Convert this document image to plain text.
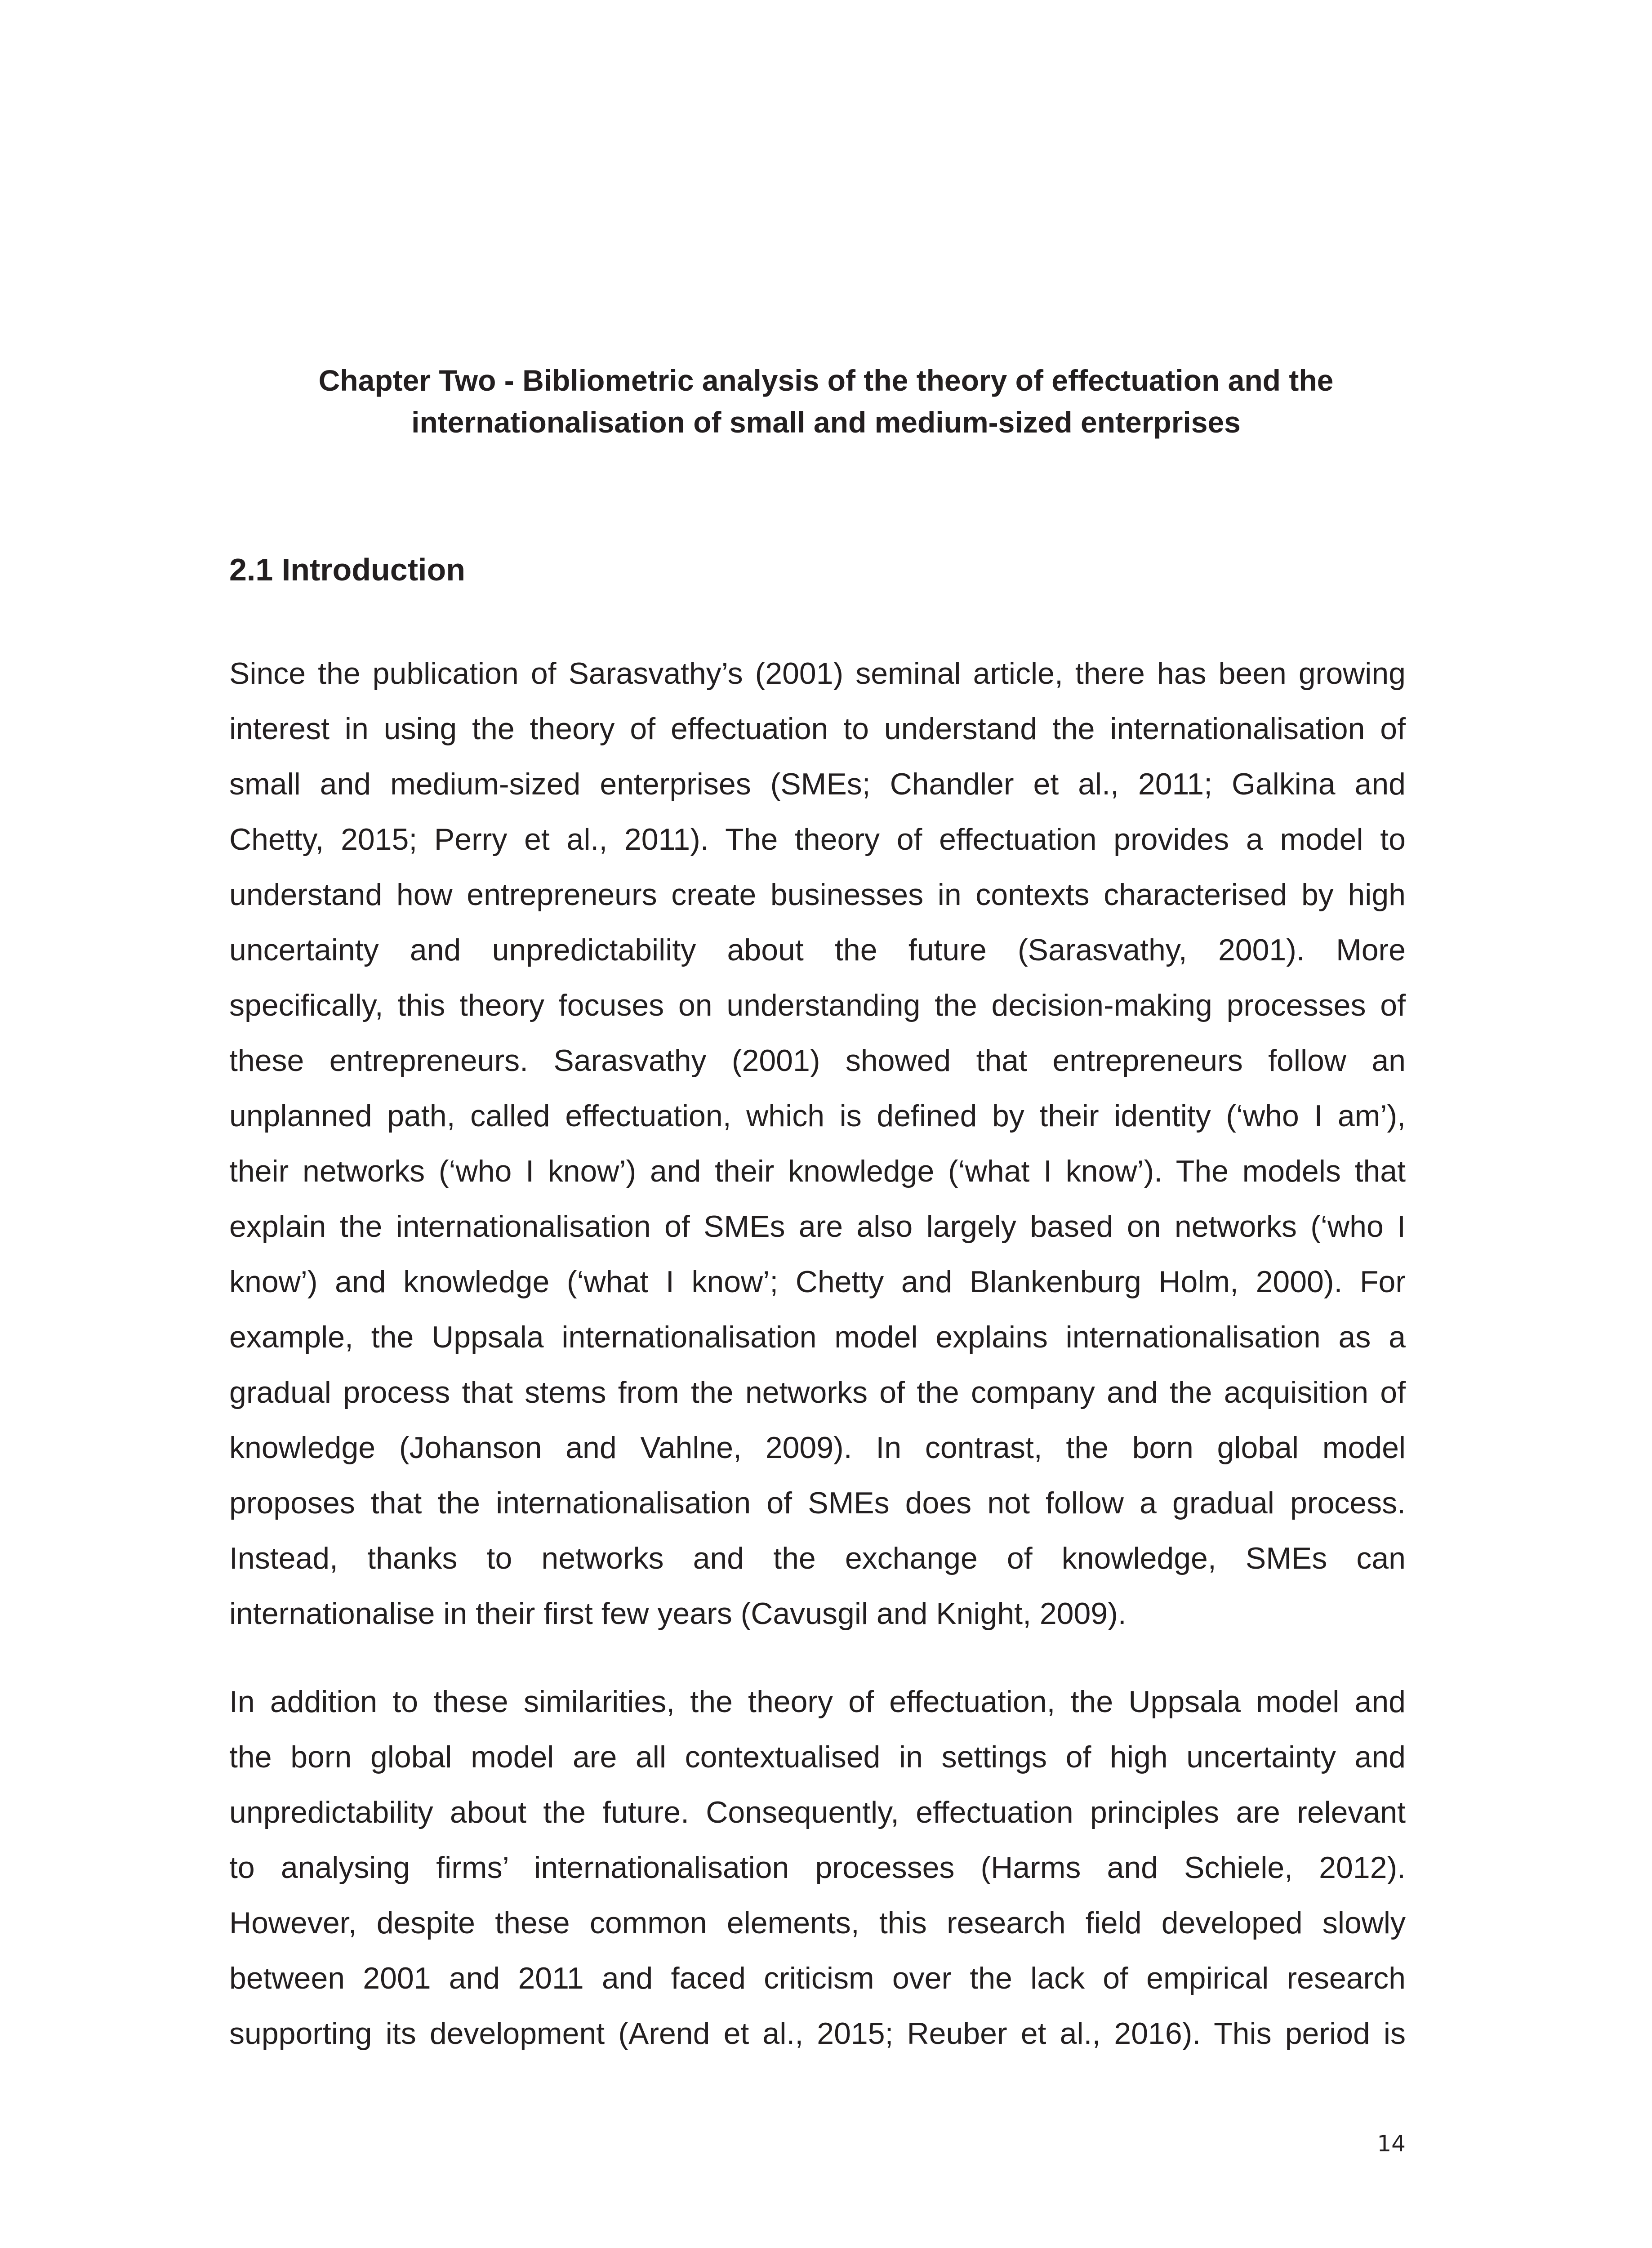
Chapter Two - Bibliometric analysis of the theory of effectuation and the
internationalisation of small and medium-sized enterprises
2.1 Introduction
Since the publication of Sarasvathy’s (2001) seminal article, there has been growing
interest in using the theory of effectuation to understand the internationalisation of
small and medium-sized enterprises (SMEs; Chandler et al., 2011; Galkina and
Chetty, 2015; Perry et al., 2011). The theory of effectuation provides a model to
understand how entrepreneurs create businesses in contexts characterised by high
uncertainty and unpredictability about the future (Sarasvathy, 2001). More
specifically, this theory focuses on understanding the decision-making processes of
these entrepreneurs. Sarasvathy (2001) showed that entrepreneurs follow an
unplanned path, called effectuation, which is defined by their identity (‘who I am’),
their networks (‘who I know’) and their knowledge (‘what I know’). The models that
explain the internationalisation of SMEs are also largely based on networks (‘who I
know’) and knowledge (‘what I know’; Chetty and Blankenburg Holm, 2000). For
example, the Uppsala internationalisation model explains internationalisation as a
gradual process that stems from the networks of the company and the acquisition of
knowledge (Johanson and Vahlne, 2009). In contrast, the born global model
proposes that the internationalisation of SMEs does not follow a gradual process.
Instead, thanks to networks and the exchange of knowledge, SMEs can
internationalise in their first few years (Cavusgil and Knight, 2009).
In addition to these similarities, the theory of effectuation, the Uppsala model and
the born global model are all contextualised in settings of high uncertainty and
unpredictability about the future. Consequently, effectuation principles are relevant
to analysing firms’ internationalisation processes (Harms and Schiele, 2012).
However, despite these common elements, this research field developed slowly
between 2001 and 2011 and faced criticism over the lack of empirical research
supporting its development (Arend et al., 2015; Reuber et al., 2016). This period is

14
